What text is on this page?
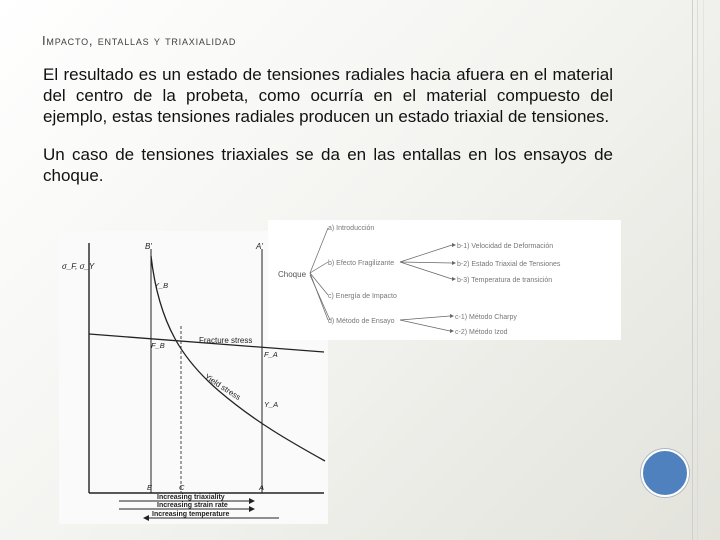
Impacto, entallas y triaxialidad

El resultado es un estado de tensiones radiales hacia afuera en el material del centro de la probeta, como ocurría en el material compuesto del ejemplo, estas tensiones radiales producen un estado triaxial de tensiones.

Un caso de tensiones triaxiales se da en las entallas en los ensayos de choque.

σ_F, σ_Y
B'	A'
Y_B
F_B
F_A
Y_A
Fracture stress
Yield stress
E	C	A
Increasing triaxiality
Increasing strain rate
Increasing temperature
Choque
a) Introducción
b) Efecto Fragilizante
b-1) Velocidad de Deformación
b-2) Estado Triaxial de Tensiones
b-3) Temperatura de transición
c) Energía de Impacto
d) Método de Ensayo
c-1) Método Charpy
c-2) Método Izod
